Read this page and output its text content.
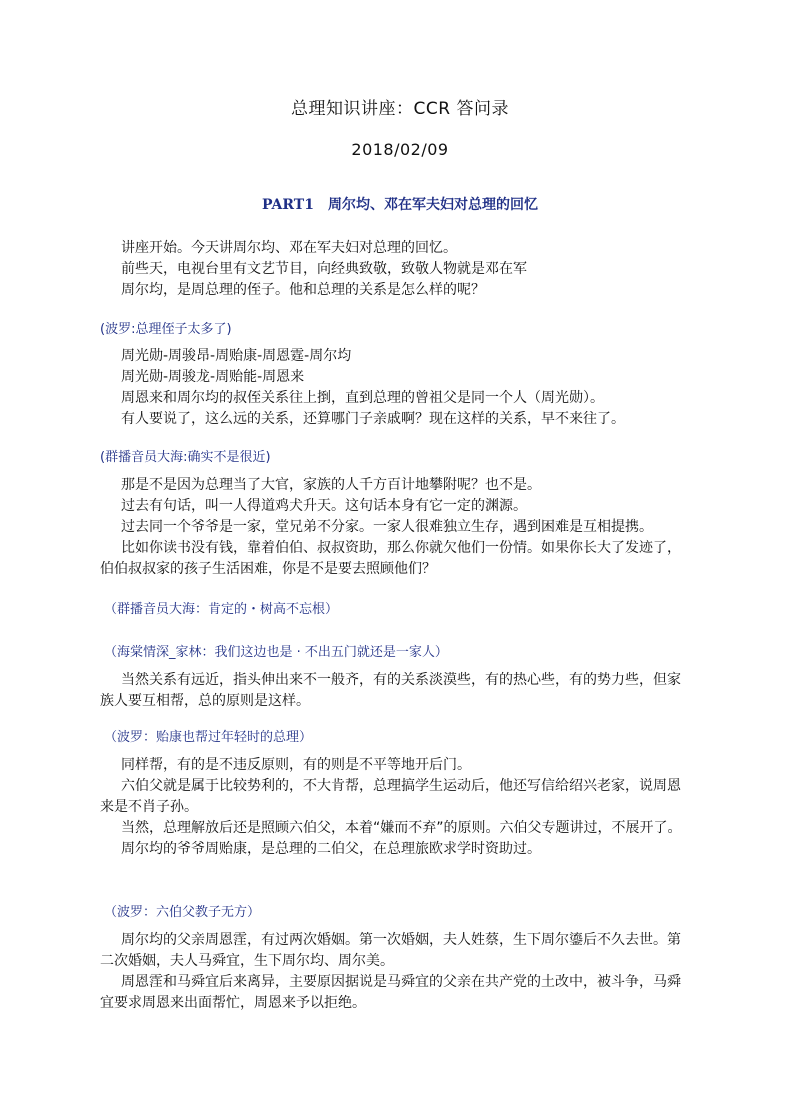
总理知识讲座：CCR 答问录
2018/02/09
PART1　周尔均、邓在军夫妇对总理的回忆

讲座开始。今天讲周尔均、邓在军夫妇对总理的回忆。

前些天，电视台里有文艺节目，向经典致敬，致敬人物就是邓在军

周尔均，是周总理的侄子。他和总理的关系是怎么样的呢？

(波罗:总理侄子太多了)

周光勋-周骏昂-周贻康-周恩霆-周尔均

周光勋-周骏龙-周贻能-周恩来

周恩来和周尔均的叔侄关系往上捯，直到总理的曾祖父是同一个人（周光勋）。

有人要说了，这么远的关系，还算哪门子亲戚啊？现在这样的关系，早不来往了。

(群播音员大海:确实不是很近)

那是不是因为总理当了大官，家族的人千方百计地攀附呢？也不是。

过去有句话，叫一人得道鸡犬升天。这句话本身有它一定的渊源。

过去同一个爷爷是一家，堂兄弟不分家。一家人很难独立生存，遇到困难是互相提携。

比如你读书没有钱，靠着伯伯、叔叔资助，那么你就欠他们一份情。如果你长大了发迹了，伯伯叔叔家的孩子生活困难，你是不是要去照顾他们？

（群播音员大海：肯定的・树高不忘根）

（海棠情深_家林：我们这边也是 · 不出五门就还是一家人）

当然关系有远近，指头伸出来不一般齐，有的关系淡漠些，有的热心些，有的势力些，但家族人要互相帮，总的原则是这样。

（波罗：贻康也帮过年轻时的总理）

同样帮，有的是不违反原则，有的则是不平等地开后门。

六伯父就是属于比较势利的，不大肯帮，总理搞学生运动后，他还写信给绍兴老家，说周恩来是不肖子孙。

当然，总理解放后还是照顾六伯父，本着“嫌而不弃”的原则。六伯父专题讲过，不展开了。

周尔均的爷爷周贻康，是总理的二伯父，在总理旅欧求学时资助过。

（波罗：六伯父教子无方）

周尔均的父亲周恩霔，有过两次婚姻。第一次婚姻，夫人姓蔡，生下周尔鎏后不久去世。第二次婚姻，夫人马舜宜，生下周尔均、周尔美。

周恩霔和马舜宜后来离异，主要原因据说是马舜宜的父亲在共产党的土改中，被斗争，马舜宜要求周恩来出面帮忙，周恩来予以拒绝。
